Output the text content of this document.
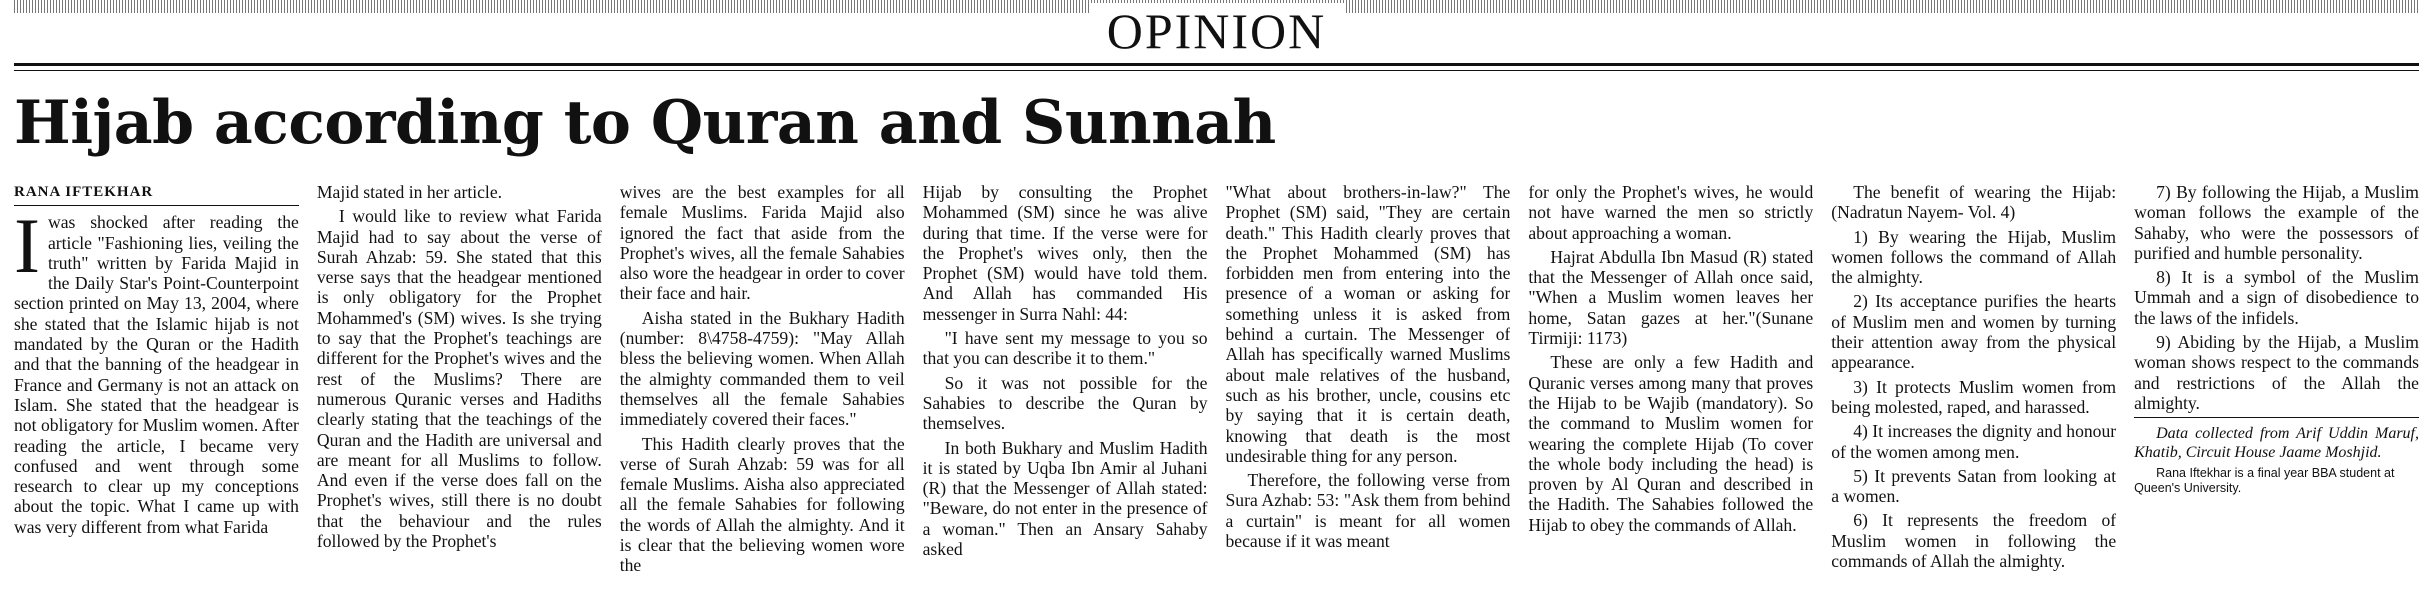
OPINION
Hijab according to Quran and Sunnah
RANA IFTEKHAR

Iwas shocked after reading the article "Fashioning lies, veiling the truth" written by Farida Majid in the Daily Star's Point-Counterpoint section printed on May 13, 2004, where she stated that the Islamic hijab is not mandated by the Quran or the Hadith and that the banning of the headgear in France and Germany is not an attack on Islam. She stated that the headgear is not obligatory for Muslim women. After reading the article, I became very confused and went through some research to clear up my conceptions about the topic. What I came up with was very different from what Farida

Majid stated in her article.

I would like to review what Farida Majid had to say about the verse of Surah Ahzab: 59. She stated that this verse says that the headgear mentioned is only obligatory for the Prophet Mohammed's (SM) wives. Is she trying to say that the Prophet's teachings are different for the Prophet's wives and the rest of the Muslims? There are numerous Quranic verses and Hadiths clearly stating that the teachings of the Quran and the Hadith are universal and are meant for all Muslims to follow. And even if the verse does fall on the Prophet's wives, still there is no doubt that the behaviour and the rules followed by the Prophet's

wives are the best examples for all female Muslims. Farida Majid also ignored the fact that aside from the Prophet's wives, all the female Sahabies also wore the headgear in order to cover their face and hair.

Aisha stated in the Bukhary Hadith (number: 8\4758-4759): "May Allah bless the believing women. When Allah the almighty commanded them to veil themselves all the female Sahabies immediately covered their faces."

This Hadith clearly proves that the verse of Surah Ahzab: 59 was for all female Muslims. Aisha also appreciated all the female Sahabies for following the words of Allah the almighty. And it is clear that the believing women wore the

Hijab by consulting the Prophet Mohammed (SM) since he was alive during that time. If the verse were for the Prophet's wives only, then the Prophet (SM) would have told them. And Allah has commanded His messenger in Surra Nahl: 44:

"I have sent my message to you so that you can describe it to them."

So it was not possible for the Sahabies to describe the Quran by themselves.

In both Bukhary and Muslim Hadith it is stated by Uqba Ibn Amir al Juhani (R) that the Messenger of Allah stated: "Beware, do not enter in the presence of a woman." Then an Ansary Sahaby asked

"What about brothers-in-law?" The Prophet (SM) said, "They are certain death." This Hadith clearly proves that the Prophet Mohammed (SM) has forbidden men from entering into the presence of a woman or asking for something unless it is asked from behind a curtain. The Messenger of Allah has specifically warned Muslims about male relatives of the husband, such as his brother, uncle, cousins etc by saying that it is certain death, knowing that death is the most undesirable thing for any person.

Therefore, the following verse from Sura Azhab: 53: "Ask them from behind a curtain" is meant for all women because if it was meant

for only the Prophet's wives, he would not have warned the men so strictly about approaching a woman.

Hajrat Abdulla Ibn Masud (R) stated that the Messenger of Allah once said, "When a Muslim women leaves her home, Satan gazes at her."(Sunane Tirmiji: 1173)

These are only a few Hadith and Quranic verses among many that proves the Hijab to be Wajib (mandatory). So the command to Muslim women for wearing the complete Hijab (To cover the whole body including the head) is proven by Al Quran and described in the Hadith. The Sahabies followed the Hijab to obey the commands of Allah.

The benefit of wearing the Hijab: (Nadratun Nayem- Vol. 4)

1) By wearing the Hijab, Muslim women follows the command of Allah the almighty.

2) Its acceptance purifies the hearts of Muslim men and women by turning their attention away from the physical appearance.

3) It protects Muslim women from being molested, raped, and harassed.

4) It increases the dignity and honour of the women among men.

5) It prevents Satan from looking at a women.

6) It represents the freedom of Muslim women in following the commands of Allah the almighty.

7) By following the Hijab, a Muslim woman follows the example of the Sahaby, who were the possessors of purified and humble personality.

8) It is a symbol of the Muslim Ummah and a sign of disobedience to the laws of the infidels.

9) Abiding by the Hijab, a Muslim woman shows respect to the commands and restrictions of the Allah the almighty.

Data collected from Arif Uddin Maruf, Khatib, Circuit House Jaame Moshjid.

Rana Iftekhar is a final year BBA student at Queen's University.
